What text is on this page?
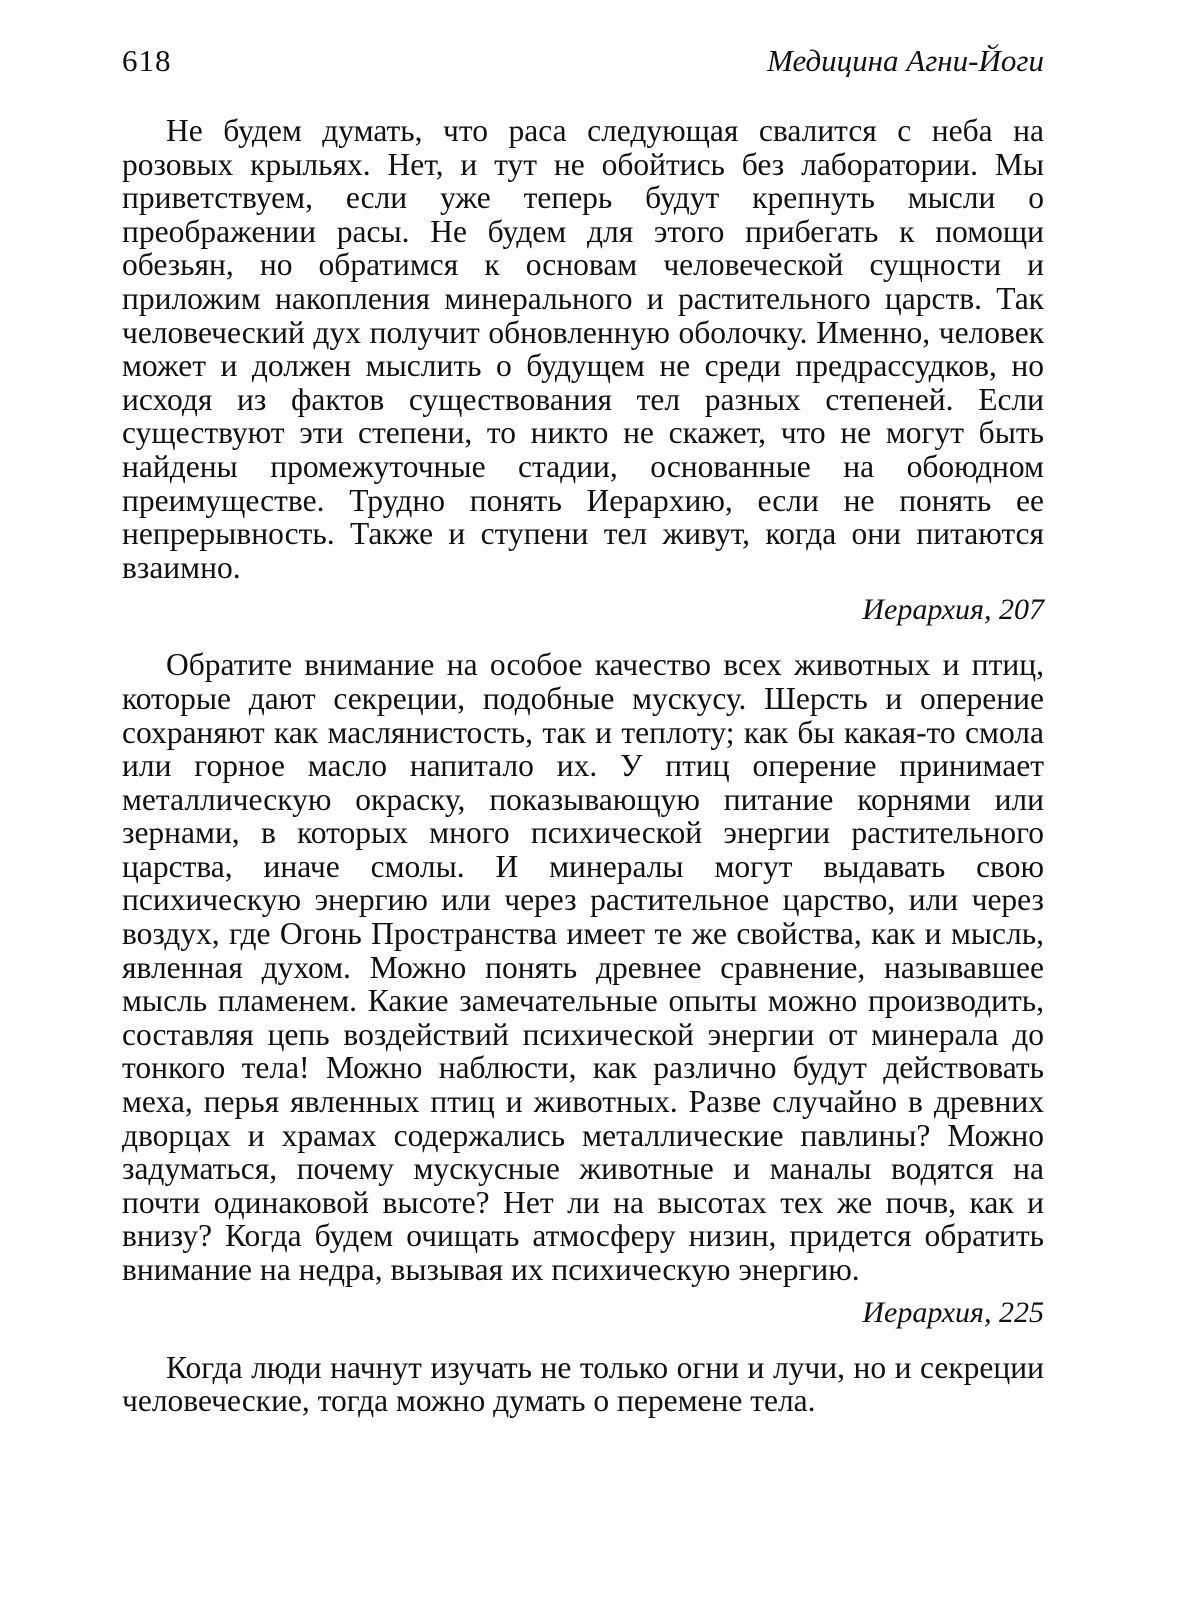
618	Медицина Агни-Йоги

Не будем думать, что раса следующая свалится с неба на розовых крыльях. Нет, и тут не обойтись без лаборатории. Мы приветствуем, если уже теперь будут крепнуть мысли о преображении расы. Не будем для этого прибегать к помощи обезьян, но обратимся к основам человеческой сущности и приложим накопления минерального и растительного царств. Так человеческий дух получит обновленную оболочку. Именно, человек может и должен мыслить о будущем не среди предрассудков, но исходя из фактов существования тел разных степеней. Если существуют эти степени, то никто не скажет, что не могут быть найдены промежуточные стадии, основанные на обоюдном преимуществе. Трудно понять Иерархию, если не понять ее непрерывность. Также и ступени тел живут, когда они питаются взаимно.

Иерархия, 207

Обратите внимание на особое качество всех животных и птиц, которые дают секреции, подобные мускусу. Шерсть и оперение сохраняют как маслянистость, так и теплоту; как бы какая-то смола или горное масло напитало их. У птиц оперение принимает металлическую окраску, показывающую питание корнями или зернами, в которых много психической энергии растительного царства, иначе смолы. И минералы могут выдавать свою психическую энергию или через растительное царство, или через воздух, где Огонь Пространства имеет те же свойства, как и мысль, явленная духом. Можно понять древнее сравнение, называвшее мысль пламенем. Какие замечательные опыты можно производить, составляя цепь воздействий психической энергии от минерала до тонкого тела! Можно наблюсти, как различно будут действовать меха, перья явленных птиц и животных. Разве случайно в древних дворцах и храмах содержались металлические павлины? Можно задуматься, почему мускусные животные и маналы водятся на почти одинаковой высоте? Нет ли на высотах тех же почв, как и внизу? Когда будем очищать атмосферу низин, придется обратить внимание на недра, вызывая их психическую энергию.

Иерархия, 225

Когда люди начнут изучать не только огни и лучи, но и секреции человеческие, тогда можно думать о перемене тела.
